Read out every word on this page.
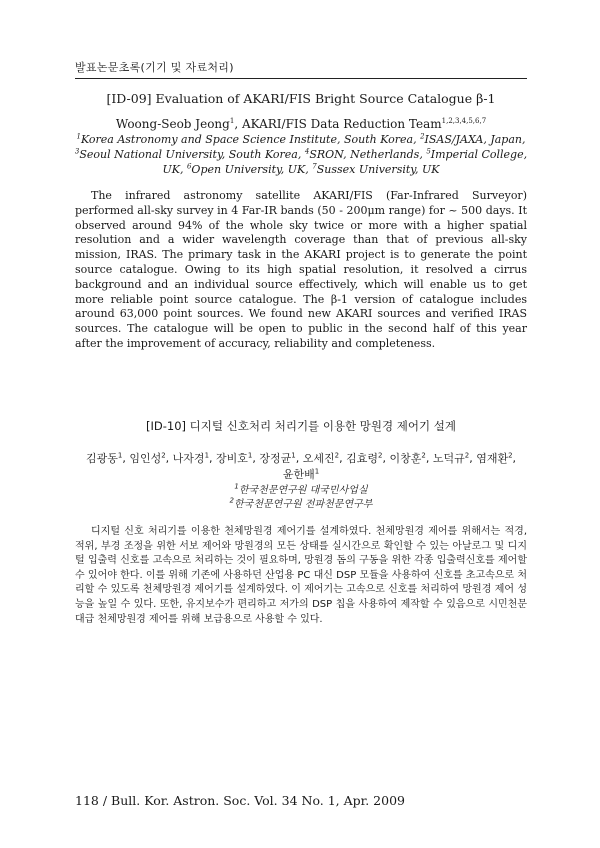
발표논문초록(기기 및 자료처리)
[ID-09] Evaluation of AKARI/FIS Bright Source Catalogue β-1
Woong-Seob Jeong$^1$, AKARI/FIS Data Reduction Team$^{1,2,3,4,5,6,7}$
$^1$Korea Astronomy and Space Science Institute, South Korea, $^2$ISAS/JAXA, Japan, $^3$Seoul National University, South Korea, $^4$SRON, Netherlands, $^5$Imperial College, UK, $^6$Open University, UK, $^7$Sussex University, UK

The infrared astronomy satellite AKARI/FIS (Far-Infrared Surveyor) performed all-sky survey in 4 Far-IR bands (50 - 200μm range) for ~ 500 days. It observed around 94% of the whole sky twice or more with a higher spatial resolution and a wider wavelength coverage than that of previous all-sky mission, IRAS. The primary task in the AKARI project is to generate the point source catalogue. Owing to its high spatial resolution, it resolved a cirrus background and an individual source effectively, which will enable us to get more reliable point source catalogue. The β-1 version of catalogue includes around 63,000 point sources. We found new AKARI sources and verified IRAS sources. The catalogue will be open to public in the second half of this year after the improvement of accuracy, reliability and completeness.

[ID-10] 디지털 신호처리 처리기를 이용한 망원경 제어기 설계
김광동$^1$, 임인성$^2$, 나자경$^1$, 장비호$^1$, 장정균$^1$, 오세진$^2$, 김효령$^2$, 이창훈$^2$, 노덕규$^2$, 염재환$^2$, 윤한배$^1$
$^1$한국천문연구원 대국민사업실
$^2$한국천문연구원 전파천문연구부

디지털 신호 처리기를 이용한 천체망원경 제어기를 설계하였다. 천체망원경 제어를 위해서는 적경, 적위, 부경 조정을 위한 서보 제어와 망원경의 모든 상태를 실시간으로 확인할 수 있는 아날로그 및 디지털 입출력 신호를 고속으로 처리하는 것이 필요하며, 망원경 돔의 구동을 위한 각종 입출력신호를 제어할 수 있어야 한다. 이를 위해 기존에 사용하던 산업용 PC 대신 DSP 모듈을 사용하여 신호를 초고속으로 처리할 수 있도록 천체망원경 제어기를 설계하였다. 이 제어기는 고속으로 신호를 처리하여 망원경 제어 성능을 높일 수 있다. 또한, 유지보수가 편리하고 저가의 DSP 칩을 사용하여 제작할 수 있음으로 시민천문대급 천체망원경 제어를 위해 보급용으로 사용할 수 있다.

118 / Bull. Kor. Astron. Soc. Vol. 34 No. 1, Apr. 2009
